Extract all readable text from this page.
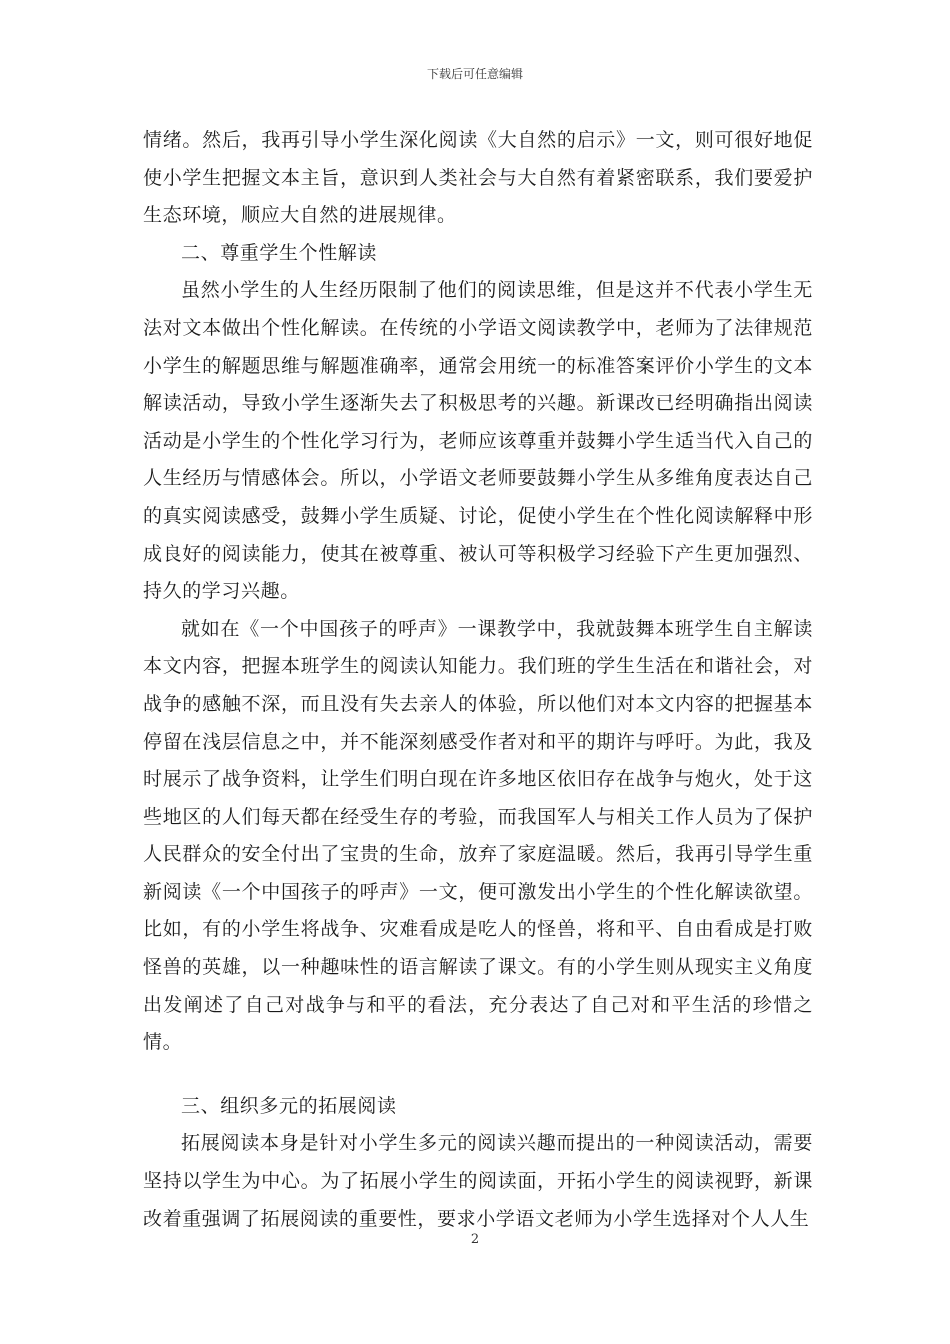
下载后可任意编辑

情绪。然后，我再引导小学生深化阅读《大自然的启示》一文，则可很好地促使小学生把握文本主旨，意识到人类社会与大自然有着紧密联系，我们要爱护生态环境，顺应大自然的进展规律。

二、尊重学生个性解读

虽然小学生的人生经历限制了他们的阅读思维，但是这并不代表小学生无法对文本做出个性化解读。在传统的小学语文阅读教学中，老师为了法律规范小学生的解题思维与解题准确率，通常会用统一的标准答案评价小学生的文本解读活动，导致小学生逐渐失去了积极思考的兴趣。新课改已经明确指出阅读活动是小学生的个性化学习行为，老师应该尊重并鼓舞小学生适当代入自己的人生经历与情感体会。所以，小学语文老师要鼓舞小学生从多维角度表达自己的真实阅读感受，鼓舞小学生质疑、讨论，促使小学生在个性化阅读解释中形成良好的阅读能力，使其在被尊重、被认可等积极学习经验下产生更加强烈、持久的学习兴趣。

就如在《一个中国孩子的呼声》一课教学中，我就鼓舞本班学生自主解读本文内容，把握本班学生的阅读认知能力。我们班的学生生活在和谐社会，对战争的感触不深，而且没有失去亲人的体验，所以他们对本文内容的把握基本停留在浅层信息之中，并不能深刻感受作者对和平的期许与呼吁。为此，我及时展示了战争资料，让学生们明白现在许多地区依旧存在战争与炮火，处于这些地区的人们每天都在经受生存的考验，而我国军人与相关工作人员为了保护人民群众的安全付出了宝贵的生命，放弃了家庭温暖。然后，我再引导学生重新阅读《一个中国孩子的呼声》一文，便可激发出小学生的个性化解读欲望。比如，有的小学生将战争、灾难看成是吃人的怪兽，将和平、自由看成是打败怪兽的英雄，以一种趣味性的语言解读了课文。有的小学生则从现实主义角度出发阐述了自己对战争与和平的看法，充分表达了自己对和平生活的珍惜之情。

三、组织多元的拓展阅读

拓展阅读本身是针对小学生多元的阅读兴趣而提出的一种阅读活动，需要坚持以学生为中心。为了拓展小学生的阅读面，开拓小学生的阅读视野，新课改着重强调了拓展阅读的重要性，要求小学语文老师为小学生选择对个人人生

2
